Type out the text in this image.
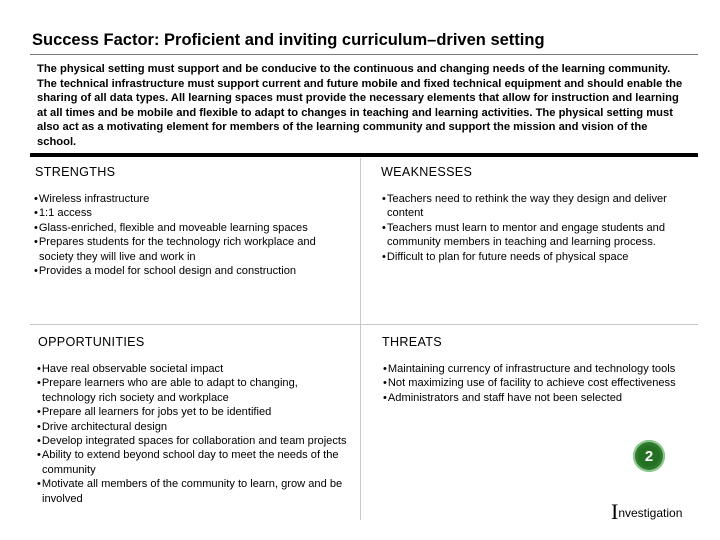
Success Factor: Proficient and inviting curriculum–driven setting
The physical setting must support and be conducive to the continuous and changing needs of the learning community. The technical infrastructure must support current and future mobile and fixed technical equipment and should enable the sharing of all data types. All learning spaces must provide the necessary elements that allow for instruction and learning at all times and be mobile and flexible to adapt to changes in teaching and learning activities. The physical setting must also act as a motivating element for members of the learning community and support the mission and vision of the school.
STRENGTHS
• Wireless infrastructure
• 1:1 access
• Glass-enriched, flexible and moveable learning spaces
• Prepares students for the technology rich workplace and society they will live and work in
• Provides a model for school design and construction
WEAKNESSES
• Teachers need to rethink the way they design and deliver content
• Teachers must learn to mentor and engage students and community members in teaching and learning process.
• Difficult to plan for future needs of physical space
OPPORTUNITIES
• Have real observable societal impact
• Prepare learners who are able to adapt to changing, technology rich society and workplace
• Prepare all learners for jobs yet to be identified
• Drive architectural design
• Develop integrated spaces for collaboration and team projects
• Ability to extend beyond school day to meet the needs of the community
• Motivate all members of the community to learn, grow and be involved
THREATS
• Maintaining currency of infrastructure and technology tools
• Not maximizing use of facility to achieve cost effectiveness
• Administrators and staff have not been selected
2
Investigation
